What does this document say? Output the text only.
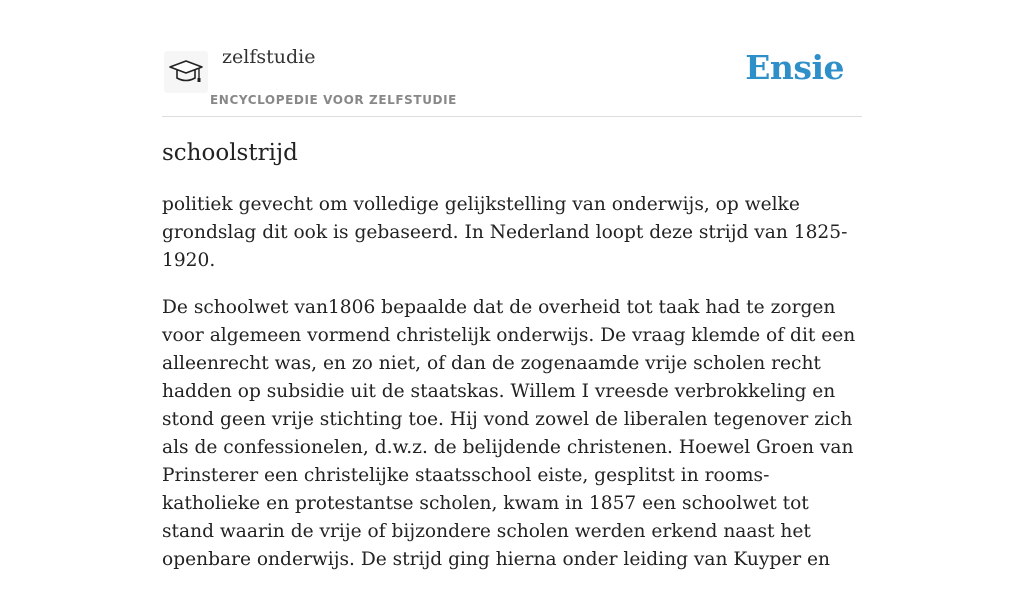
zelfstudie
ENCYCLOPEDIE VOOR ZELFSTUDIE
Ensie
schoolstrijd

politiek gevecht om volledige gelijkstelling van onderwijs, op welke grondslag dit ook is gebaseerd. In Nederland loopt deze strijd van 1825-1920.

De schoolwet van1806 bepaalde dat de overheid tot taak had te zorgen voor algemeen vormend christelijk onderwijs. De vraag klemde of dit een alleenrecht was, en zo niet, of dan de zogenaamde vrije scholen recht hadden op subsidie uit de staatskas. Willem I vreesde verbrokkeling en stond geen vrije stichting toe. Hij vond zowel de liberalen tegenover zich als de confessionelen, d.w.z. de belijdende christenen. Hoewel Groen van Prinsterer een christelijke staatsschool eiste, gesplitst in rooms-katholieke en protestantse scholen, kwam in 1857 een schoolwet tot stand waarin de vrije of bijzondere scholen werden erkend naast het openbare onderwijs. De strijd ging hierna onder leiding van Kuyper en
